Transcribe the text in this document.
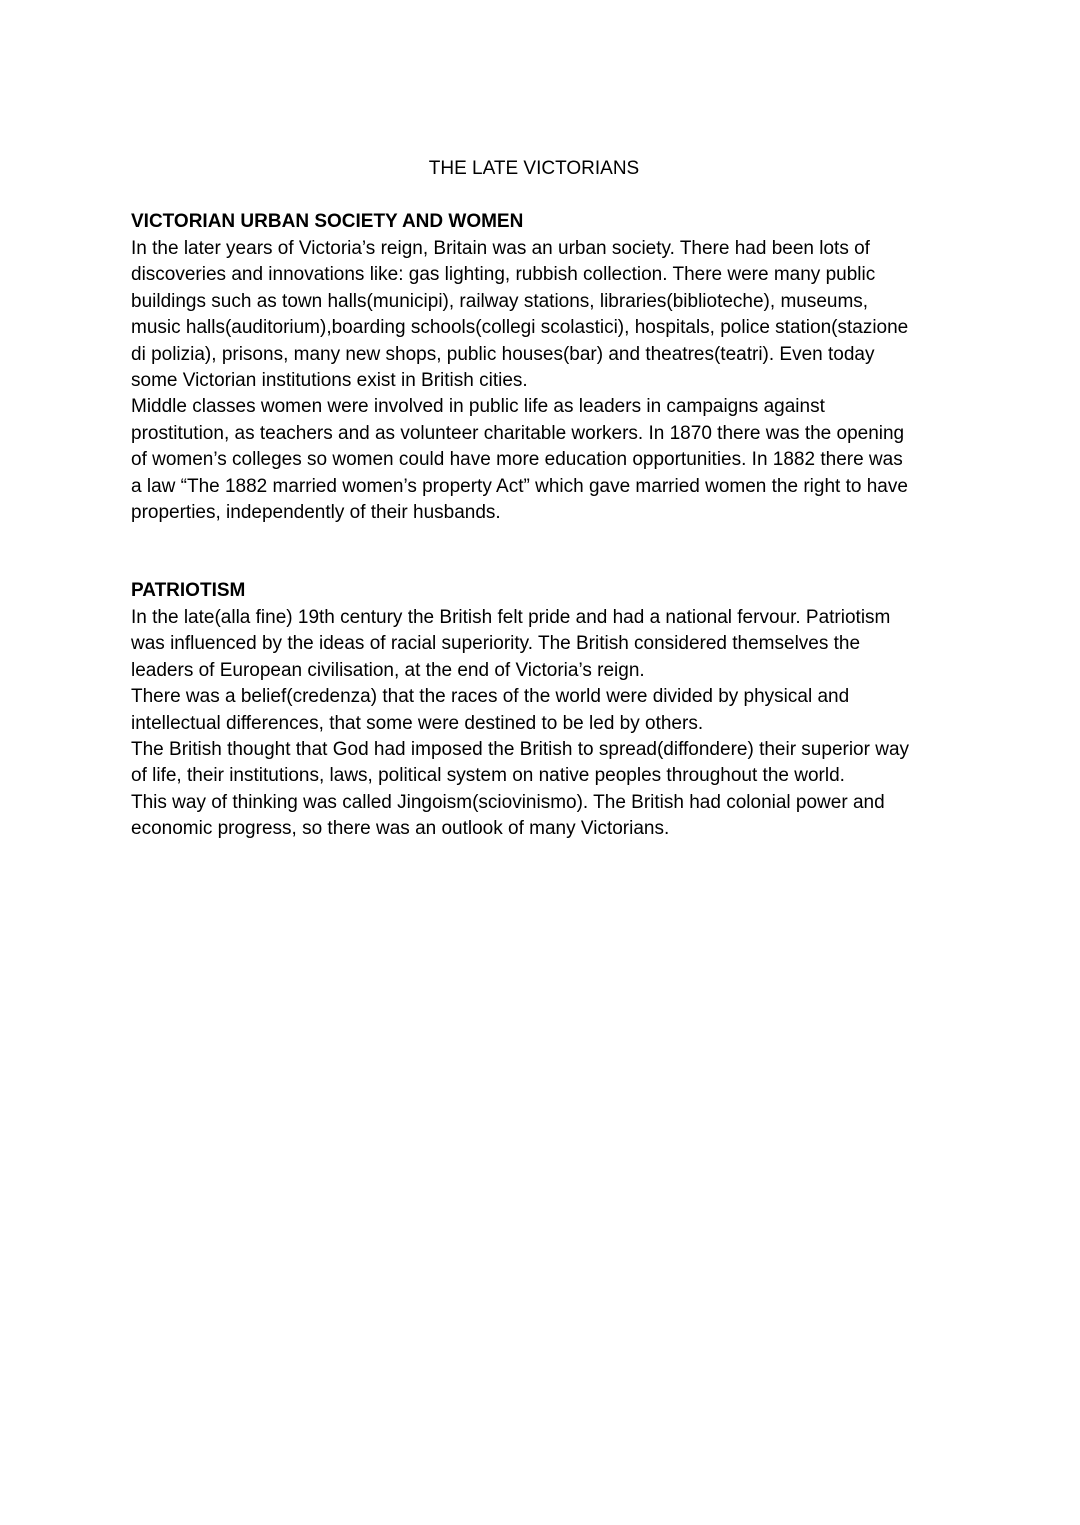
THE LATE VICTORIANS
VICTORIAN URBAN SOCIETY AND WOMEN

In the later years of Victoria’s reign, Britain was an urban society. There had been lots of
discoveries and innovations like: gas lighting, rubbish collection. There were many public
buildings such as town halls(municipi), railway stations, libraries(biblioteche), museums,
music halls(auditorium),boarding schools(collegi scolastici), hospitals, police station(stazione
di polizia), prisons, many new shops, public houses(bar) and theatres(teatri). Even today
some Victorian institutions exist in British cities.

Middle classes women were involved in public life as leaders in campaigns against
prostitution, as teachers and as volunteer charitable workers. In 1870 there was the opening
of women’s colleges so women could have more education opportunities. In 1882 there was
a law “The 1882 married women’s property Act” which gave married women the right to have
properties, independently of their husbands.

PATRIOTISM

In the late(alla fine) 19th century the British felt pride and had a national fervour. Patriotism
was influenced by the ideas of racial superiority. The British considered themselves the
leaders of European civilisation, at the end of Victoria’s reign.

There was a belief(credenza) that the races of the world were divided by physical and
intellectual differences, that some were destined to be led by others.

The British thought that God had imposed the British to spread(diffondere) their superior way
of life, their institutions, laws, political system on native peoples throughout the world.

This way of thinking was called Jingoism(sciovinismo). The British had colonial power and
economic progress, so there was an outlook of many Victorians.
